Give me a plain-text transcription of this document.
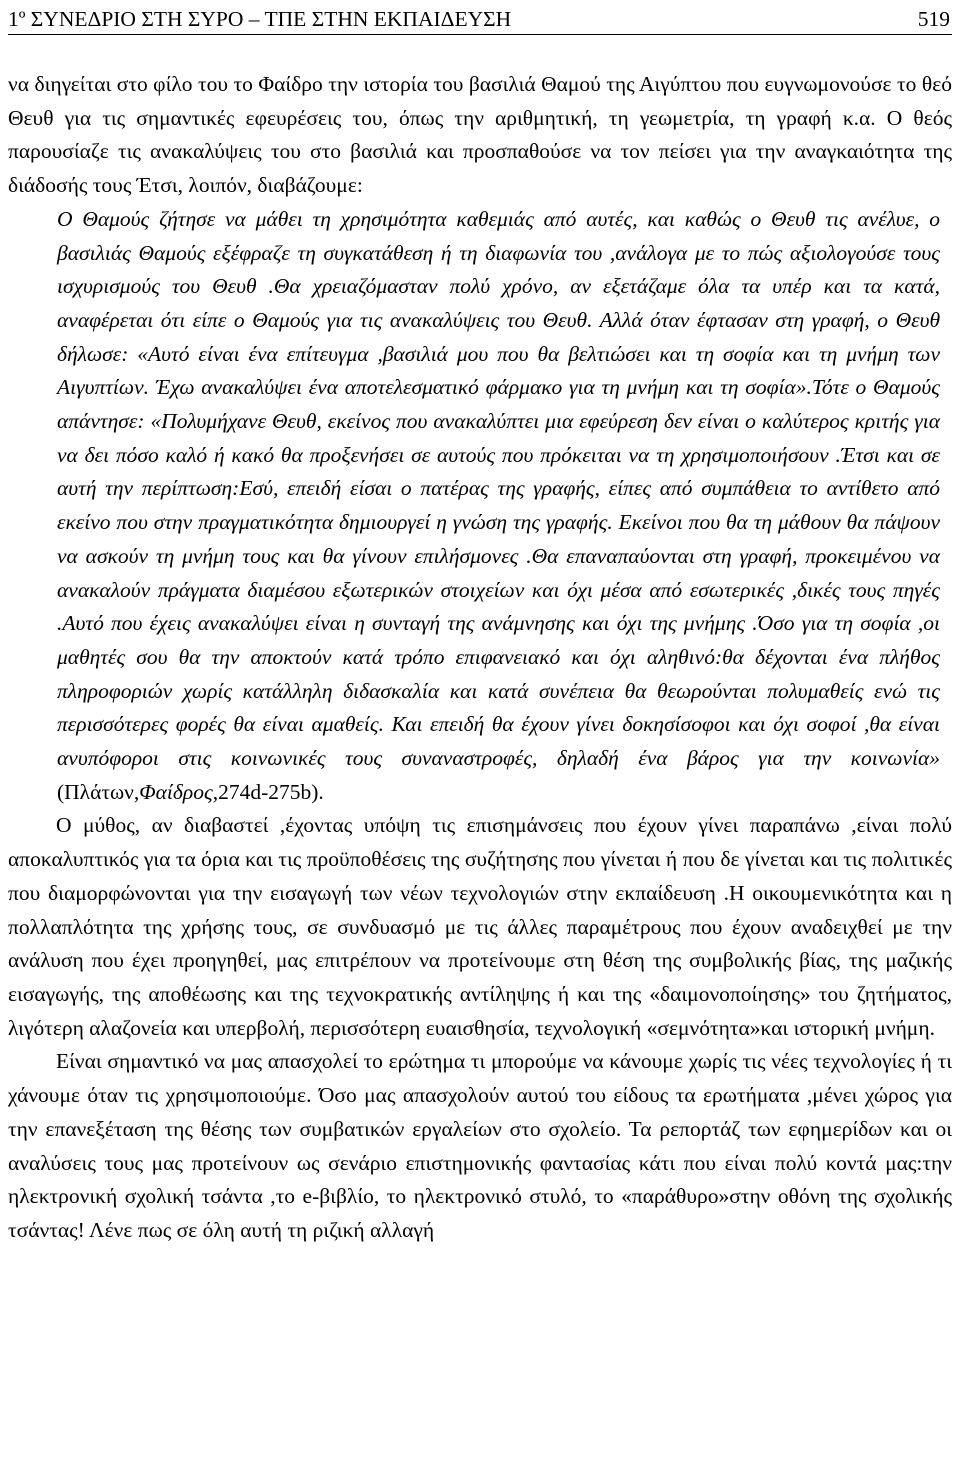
1º ΣΥΝΕΔΡΙΟ ΣΤΗ ΣΥΡΟ – ΤΠΕ ΣΤΗΝ ΕΚΠΑΙΔΕΥΣΗ	519

να διηγείται στο φίλο του το Φαίδρο την ιστορία του βασιλιά Θαμού της Αιγύπτου που ευγνωμονούσε το θεό Θευθ για τις σημαντικές εφευρέσεις του, όπως την αριθμητική, τη γεωμετρία, τη γραφή κ.α. Ο θεός παρουσίαζε τις ανακαλύψεις του στο βασιλιά και προσπαθούσε να τον πείσει για την αναγκαιότητα της διάδοσής τους Έτσι, λοιπόν, διαβάζουμε:

Ο Θαμούς ζήτησε να μάθει τη χρησιμότητα καθεμιάς από αυτές, και καθώς ο Θευθ τις ανέλυε, ο βασιλιάς Θαμούς εξέφραζε τη συγκατάθεση ή τη διαφωνία του ,ανάλογα με το πώς αξιολογούσε τους ισχυρισμούς του Θευθ .Θα χρειαζόμασταν πολύ χρόνο, αν εξετάζαμε όλα τα υπέρ και τα κατά, αναφέρεται ότι είπε ο Θαμούς για τις ανακαλύψεις του Θευθ. Αλλά όταν έφτασαν στη γραφή, ο Θευθ δήλωσε: «Αυτό είναι ένα επίτευγμα ,βασιλιά μου που θα βελτιώσει και τη σοφία και τη μνήμη των Αιγυπτίων. Έχω ανακαλύψει ένα αποτελεσματικό φάρμακο για τη μνήμη και τη σοφία».Τότε ο Θαμούς απάντησε: «Πολυμήχανε Θευθ, εκείνος που ανακαλύπτει μια εφεύρεση δεν είναι ο καλύτερος κριτής για να δει πόσο καλό ή κακό θα προξενήσει σε αυτούς που πρόκειται να τη χρησιμοποιήσουν .Έτσι και σε αυτή την περίπτωση:Εσύ, επειδή είσαι ο πατέρας της γραφής, είπες από συμπάθεια το αντίθετο από εκείνο που στην πραγματικότητα δημιουργεί η γνώση της γραφής. Εκείνοι που θα τη μάθουν θα πάψουν να ασκούν τη μνήμη τους και θα γίνουν επιλήσμονες .Θα επαναπαύονται στη γραφή, προκειμένου να ανακαλούν πράγματα διαμέσου εξωτερικών στοιχείων και όχι μέσα από εσωτερικές ,δικές τους πηγές .Αυτό που έχεις ανακαλύψει είναι η συνταγή της ανάμνησης και όχι της μνήμης .Όσο για τη σοφία ,οι μαθητές σου θα την αποκτούν κατά τρόπο επιφανειακό και όχι αληθινό:θα δέχονται ένα πλήθος πληροφοριών χωρίς κατάλληλη διδασκαλία και κατά συνέπεια θα θεωρούνται πολυμαθείς ενώ τις περισσότερες φορές θα είναι αμαθείς. Και επειδή θα έχουν γίνει δοκησίσοφοι και όχι σοφοί ,θα είναι ανυπόφοροι στις κοινωνικές τους συναναστροφές, δηλαδή ένα βάρος για την κοινωνία» (Πλάτων,Φαίδρος,274d-275b).

Ο μύθος, αν διαβαστεί ,έχοντας υπόψη τις επισημάνσεις που έχουν γίνει παραπάνω ,είναι πολύ αποκαλυπτικός για τα όρια και τις προϋποθέσεις της συζήτησης που γίνεται ή που δε γίνεται και τις πολιτικές που διαμορφώνονται για την εισαγωγή των νέων τεχνολογιών στην εκπαίδευση .Η οικουμενικότητα και η πολλαπλότητα της χρήσης τους, σε συνδυασμό με τις άλλες παραμέτρους που έχουν αναδειχθεί με την ανάλυση που έχει προηγηθεί, μας επιτρέπουν να προτείνουμε στη θέση της συμβολικής βίας, της μαζικής εισαγωγής, της αποθέωσης και της τεχνοκρατικής αντίληψης ή και της «δαιμονοποίησης» του ζητήματος, λιγότερη αλαζονεία και υπερβολή, περισσότερη ευαισθησία, τεχνολογική «σεμνότητα»και ιστορική μνήμη.

Είναι σημαντικό να μας απασχολεί το ερώτημα τι μπορούμε να κάνουμε χωρίς τις νέες τεχνολογίες ή τι χάνουμε όταν τις χρησιμοποιούμε. Όσο μας απασχολούν αυτού του είδους τα ερωτήματα ,μένει χώρος για την επανεξέταση της θέσης των συμβατικών εργαλείων στο σχολείο. Τα ρεπορτάζ των εφημερίδων και οι αναλύσεις τους μας προτείνουν ως σενάριο επιστημονικής φαντασίας κάτι που είναι πολύ κοντά μας:την ηλεκτρονική σχολική τσάντα ,το e-βιβλίο, το ηλεκτρονικό στυλό, το «παράθυρο»στην οθόνη της σχολικής τσάντας! Λένε πως σε όλη αυτή τη ριζική αλλαγή
